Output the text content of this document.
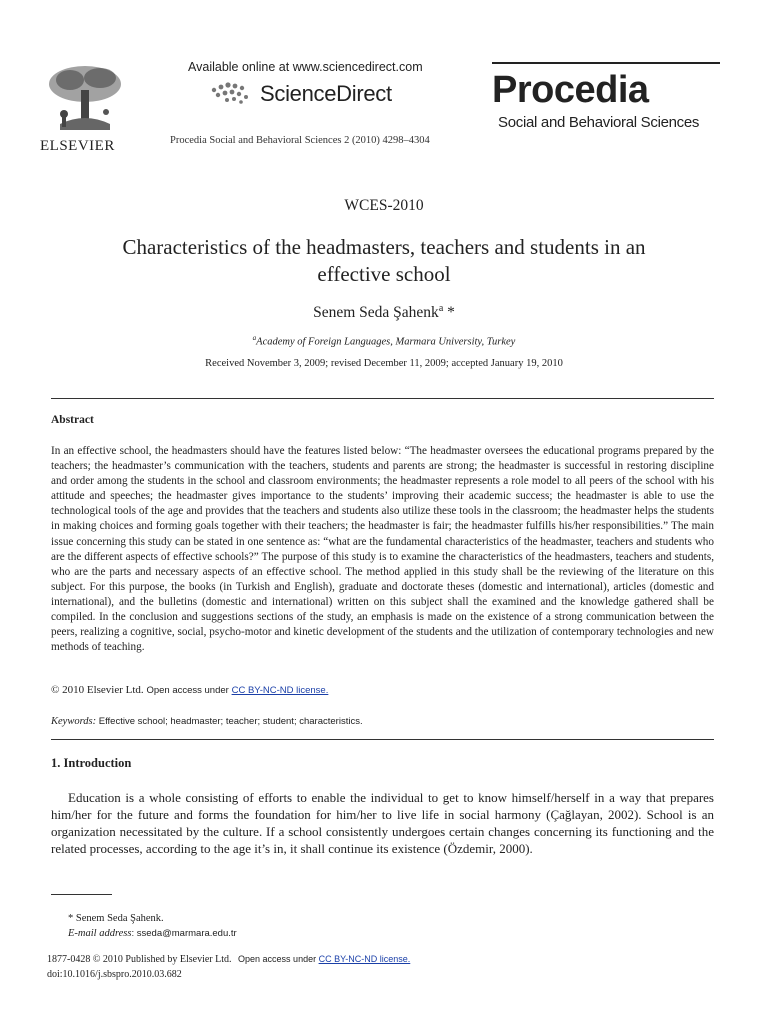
ELSEVIER
Available online at www.sciencedirect.com
ScienceDirect
Procedia Social and Behavioral Sciences 2 (2010) 4298–4304
Procedia
Social and Behavioral Sciences
WCES-2010
Characteristics of the headmasters, teachers and students in an
effective school
Senem Seda Şahenk$^a$ *
$^a$Academy of Foreign Languages, Marmara University, Turkey
Received November 3, 2009; revised December 11, 2009; accepted January 19, 2010
Abstract
In an effective school, the headmasters should have the features listed below: “The headmaster oversees the educational programs prepared by the teachers; the headmaster’s communication with the teachers, students and parents are strong; the headmaster is successful in restoring discipline and order among the students in the school and classroom environments; the headmaster represents a role model to all peers of the school with his attitude and speeches; the headmaster gives importance to the students’ improving their academic success; the headmaster is able to use the technological tools of the age and provides that the teachers and students also utilize these tools in the classroom; the headmaster helps the students in making choices and forming goals together with their teachers; the headmaster is fair; the headmaster fulfills his/her responsibilities.” The main issue concerning this study can be stated in one sentence as: “what are the fundamental characteristics of the headmaster, teachers and students who are the different aspects of effective schools?” The purpose of this study is to examine the characteristics of the headmasters, teachers and students, who are the parts and necessary aspects of an effective school. The method applied in this study shall be the reviewing of the literature on this subject. For this purpose, the books (in Turkish and English), graduate and doctorate theses (domestic and international), articles (domestic and international), and the bulletins (domestic and international) written on this subject shall the examined and the knowledge gathered shall be compiled. In the conclusion and suggestions sections of the study, an emphasis is made on the existence of a strong communication between the peers, realizing a cognitive, social, psycho-motor and kinetic development of the students and the utilization of contemporary technologies and new methods of teaching.
© 2010 Elsevier Ltd. Open access under CC BY-NC-ND license.
Keywords: Effective school; headmaster; teacher; student; characteristics.
1. Introduction
Education is a whole consisting of efforts to enable the individual to get to know himself/herself in a way that prepares him/her for the future and forms the foundation for him/her to live life in social harmony (Çağlayan, 2002). School is an organization necessitated by the culture. If a school consistently undergoes certain changes concerning its functioning and the related processes, according to the age it’s in, it shall continue its existence (Özdemir, 2000).
* Senem Seda Şahenk.
E-mail address: sseda@marmara.edu.tr
1877-0428 © 2010 Published by Elsevier Ltd. Open access under CC BY-NC-ND license.
doi:10.1016/j.sbspro.2010.03.682
